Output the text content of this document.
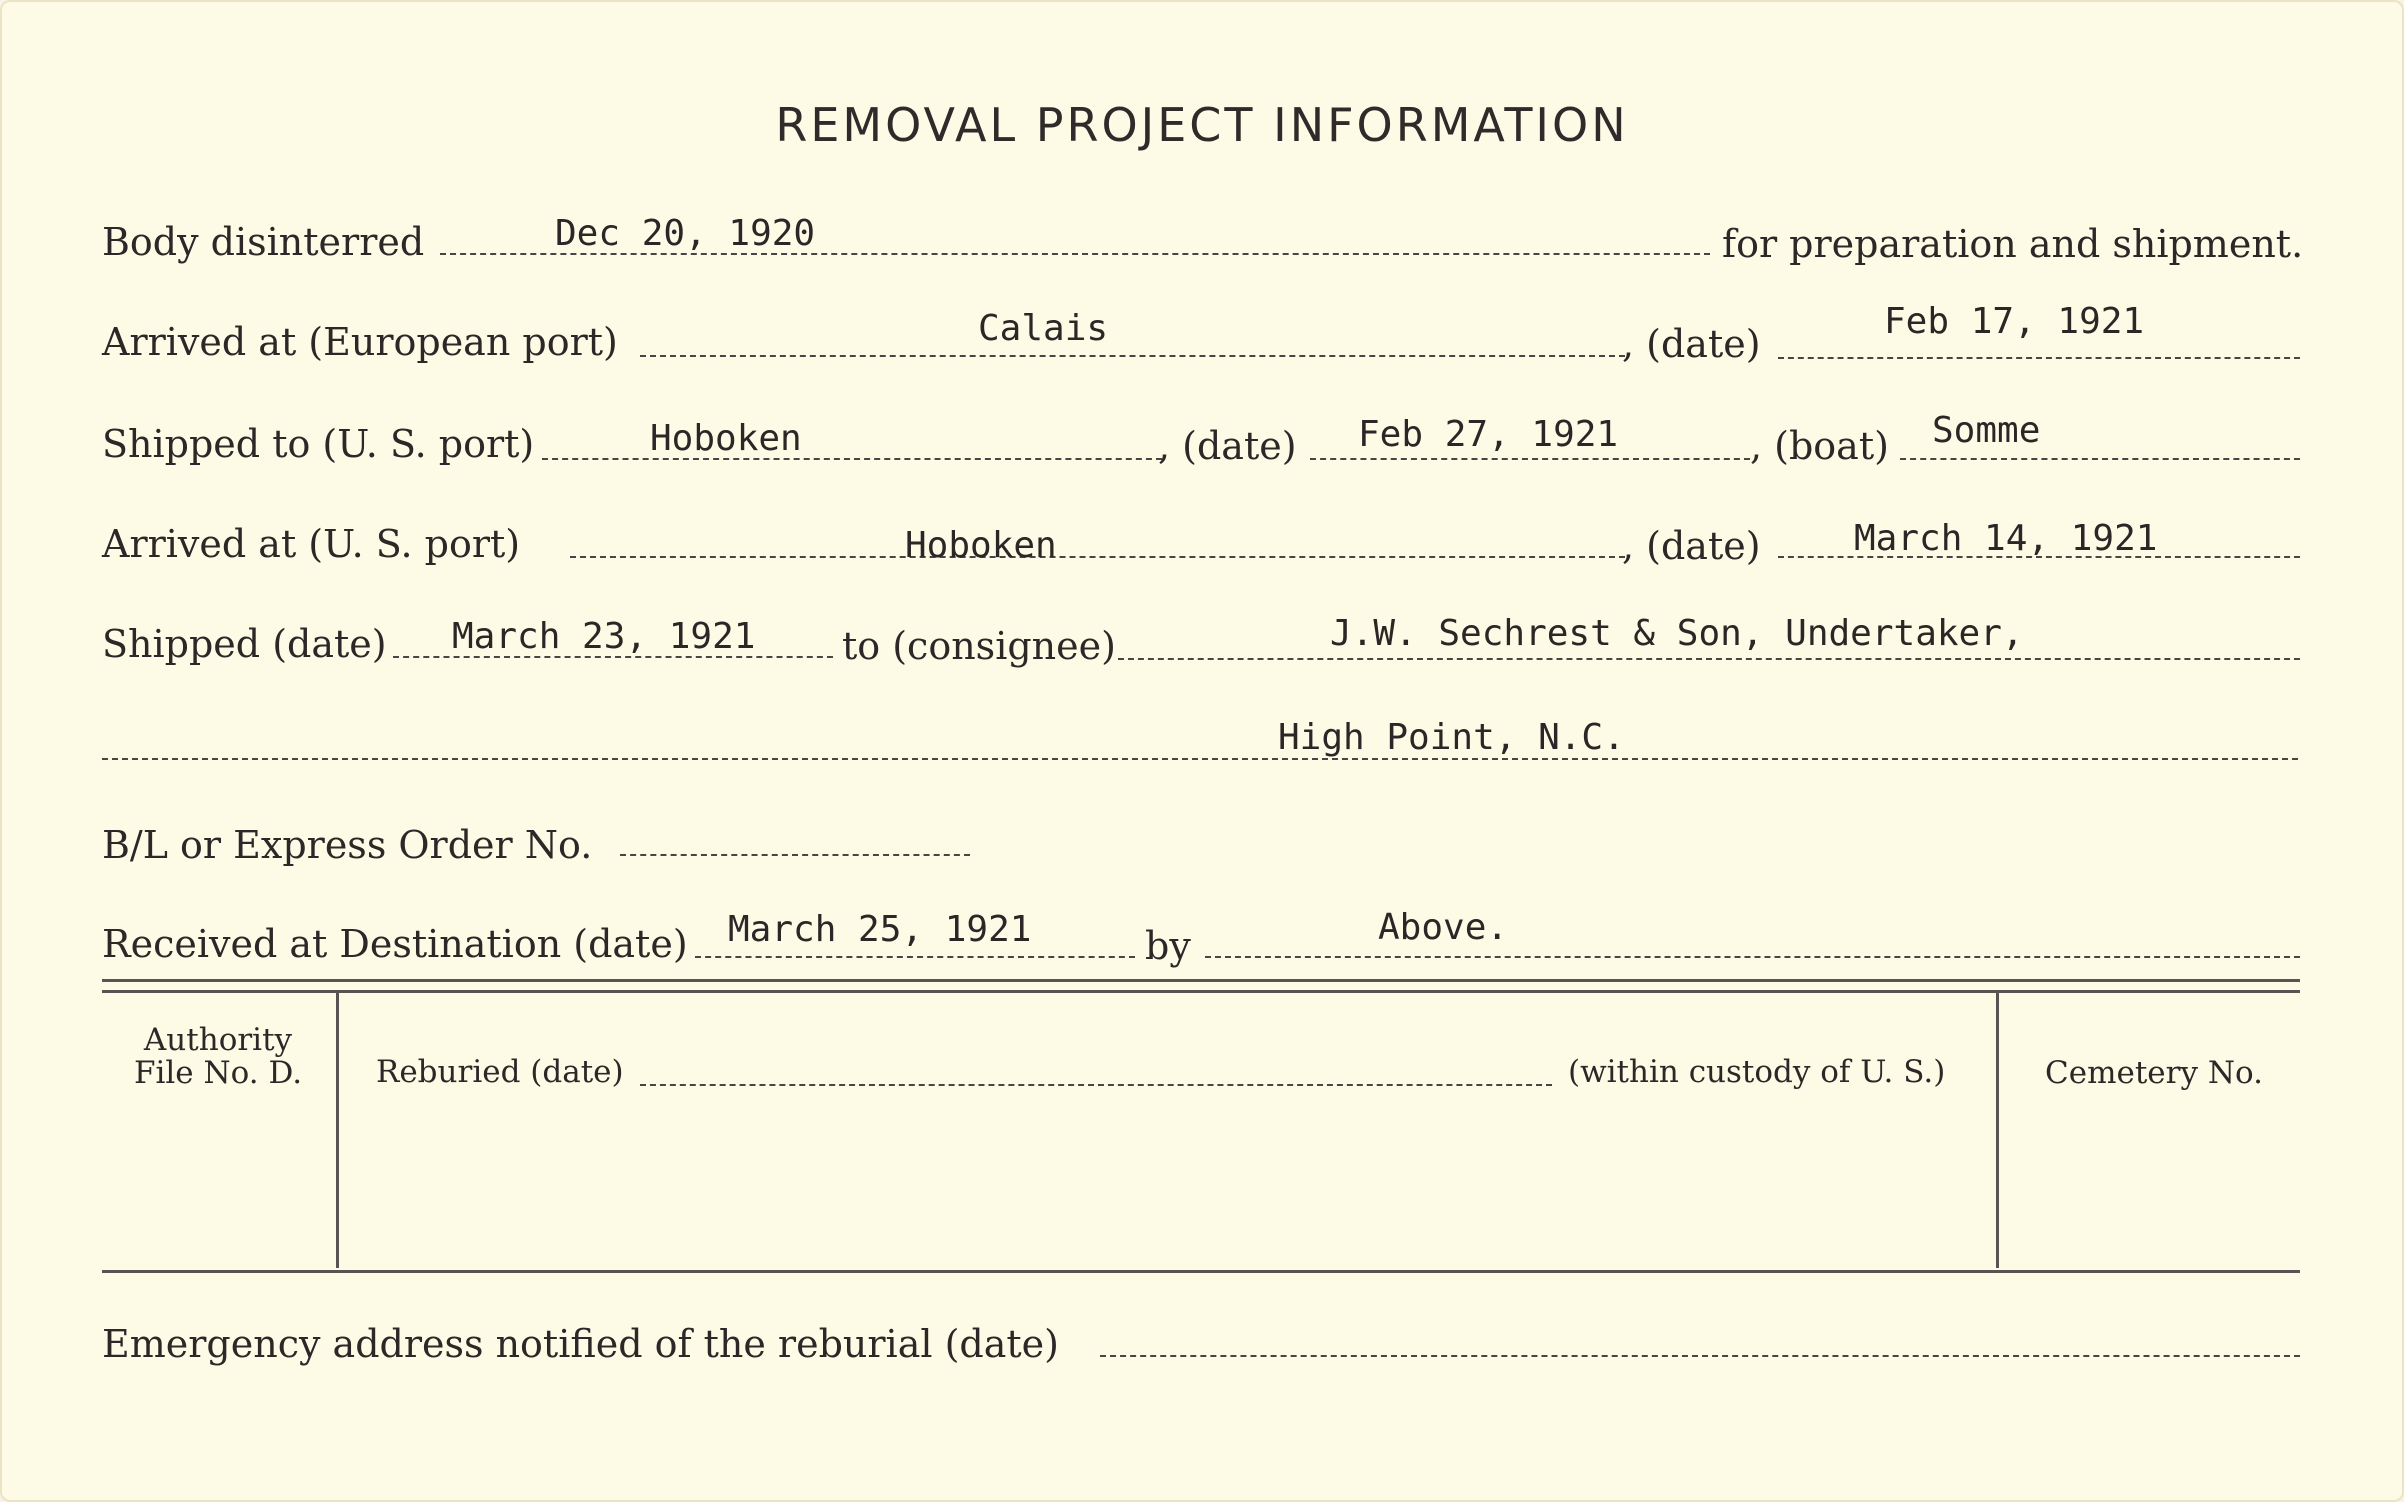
REMOVAL PROJECT INFORMATION
Body disinterred	Dec 20, 1920	for preparation and shipment.
Arrived at (European port)	Calais	, (date)
Feb 17, 1921
Shipped to (U. S. port)	Hoboken	, (date) Feb 27, 1921	, (boat) Somme
Arrived at (U. S. port)	Hoboken	, (date)	March 14, 1921
Shipped (date) March 23, 1921 to (consignee)	J.W. Sechrest & Son, Undertaker,
High Point, N.C.
B/L or Express Order No.
Received at Destination (date) March 25, 1921	by	Above.
Authority
File No. D.	Reburied (date)	(within custody of U. S.)	Cemetery No.
Emergency address notified of the reburial (date)
